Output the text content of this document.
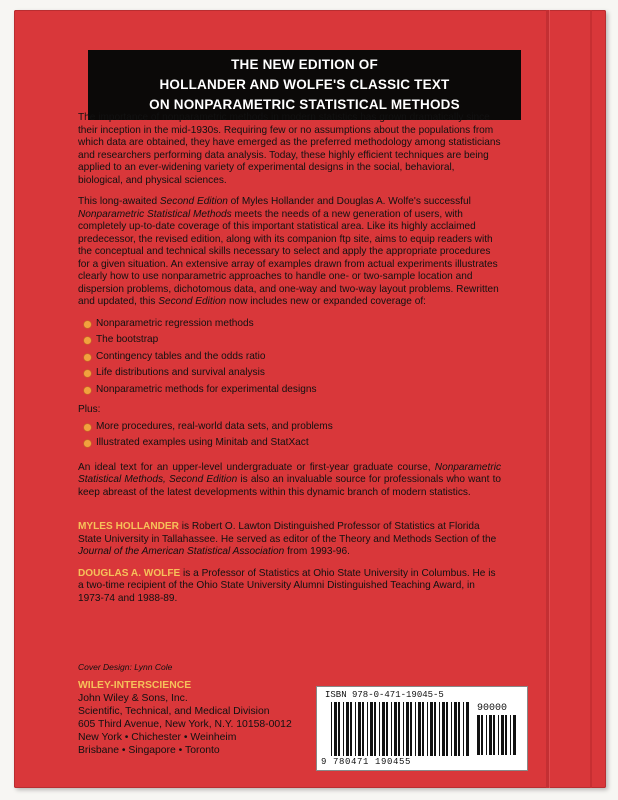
THE NEW EDITION OF
HOLLANDER AND WOLFE'S CLASSIC TEXT
ON NONPARAMETRIC STATISTICAL METHODS

The importance of nonparametric methods in modern statistics has grown dramatically since their inception in the mid-1930s. Requiring few or no assumptions about the populations from which data are obtained, they have emerged as the preferred methodology among statisticians and researchers performing data analysis. Today, these highly efficient techniques are being applied to an ever-widening variety of experimental designs in the social, behavioral, biological, and physical sciences.

This long-awaited Second Edition of Myles Hollander and Douglas A. Wolfe's successful Nonparametric Statistical Methods meets the needs of a new generation of users, with completely up-to-date coverage of this important statistical area. Like its highly acclaimed predecessor, the revised edition, along with its companion ftp site, aims to equip readers with the conceptual and technical skills necessary to select and apply the appropriate procedures for a given situation. An extensive array of examples drawn from actual experiments illustrates clearly how to use nonparametric approaches to handle one- or two-sample location and dispersion problems, dichotomous data, and one-way and two-way layout problems. Rewritten and updated, this Second Edition now includes new or expanded coverage of:

Nonparametric regression methods
The bootstrap
Contingency tables and the odds ratio
Life distributions and survival analysis
Nonparametric methods for experimental designs

Plus:

More procedures, real-world data sets, and problems
Illustrated examples using Minitab and StatXact

An ideal text for an upper-level undergraduate or first-year graduate course, Nonparametric Statistical Methods, Second Edition is also an invaluable source for professionals who want to keep abreast of the latest developments within this dynamic branch of modern statistics.

MYLES HOLLANDER is Robert O. Lawton Distinguished Professor of Statistics at Florida State University in Tallahassee. He served as editor of the Theory and Methods Section of the Journal of the American Statistical Association from 1993-96.

DOUGLAS A. WOLFE is a Professor of Statistics at Ohio State University in Columbus. He is a two-time recipient of the Ohio State University Alumni Distinguished Teaching Award, in 1973-74 and 1988-89.

Cover Design: Lynn Cole
WILEY-INTERSCIENCE
John Wiley & Sons, Inc.
Scientific, Technical, and Medical Division
605 Third Avenue, New York, N.Y. 10158-0012
New York • Chichester • Weinheim
Brisbane • Singapore • Toronto
ISBN 978-0-471-19045-5
90000
9 780471 190455
